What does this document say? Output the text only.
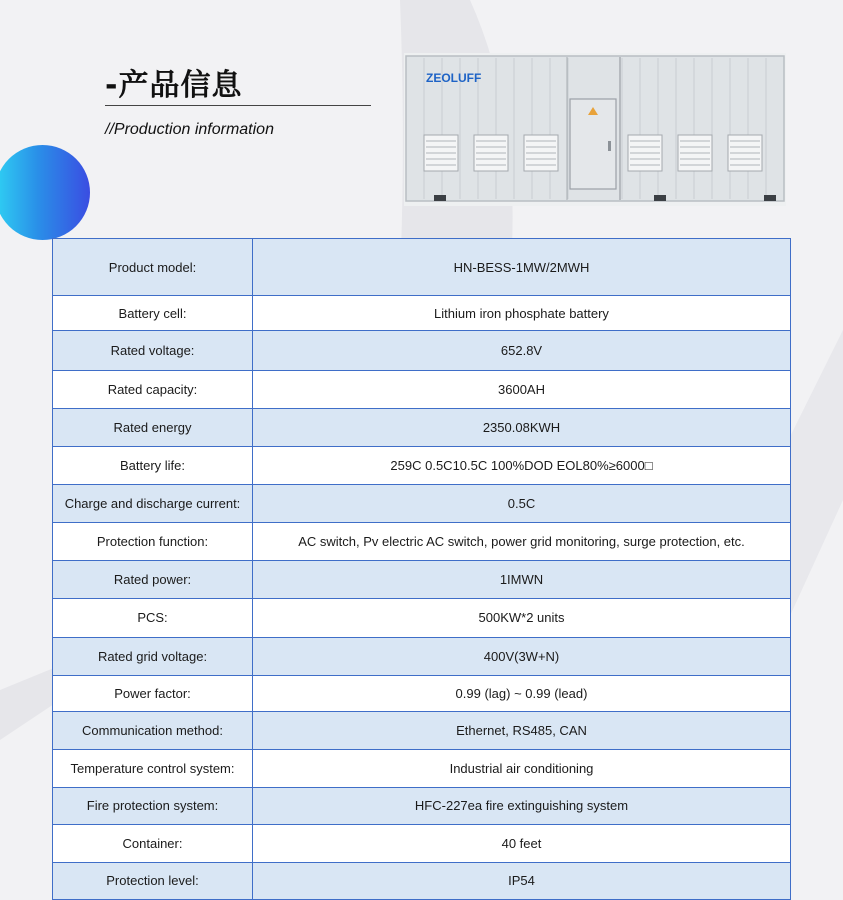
-产品信息
//Production information
ZEOLUFF
Product model:	HN-BESS-1MW/2MWH
Battery cell:	Lithium iron phosphate battery
Rated voltage:	652.8V
Rated capacity:	3600AH
Rated energy	2350.08KWH
Battery life:	259C 0.5C10.5C 100%DOD EOL80%≥6000□
Charge and discharge current:	0.5C
Protection function:	AC switch, Pv electric AC switch, power grid monitoring, surge protection, etc.
Rated power:	1IMWN
PCS:	500KW*2 units
Rated grid voltage:	400V(3W+N)
Power factor:	0.99 (lag) ~ 0.99 (lead)
Communication method:	Ethernet, RS485, CAN
Temperature control system:	Industrial air conditioning
Fire protection system:	HFC-227ea fire extinguishing system
Container:	40 feet
Protection level:	IP54
